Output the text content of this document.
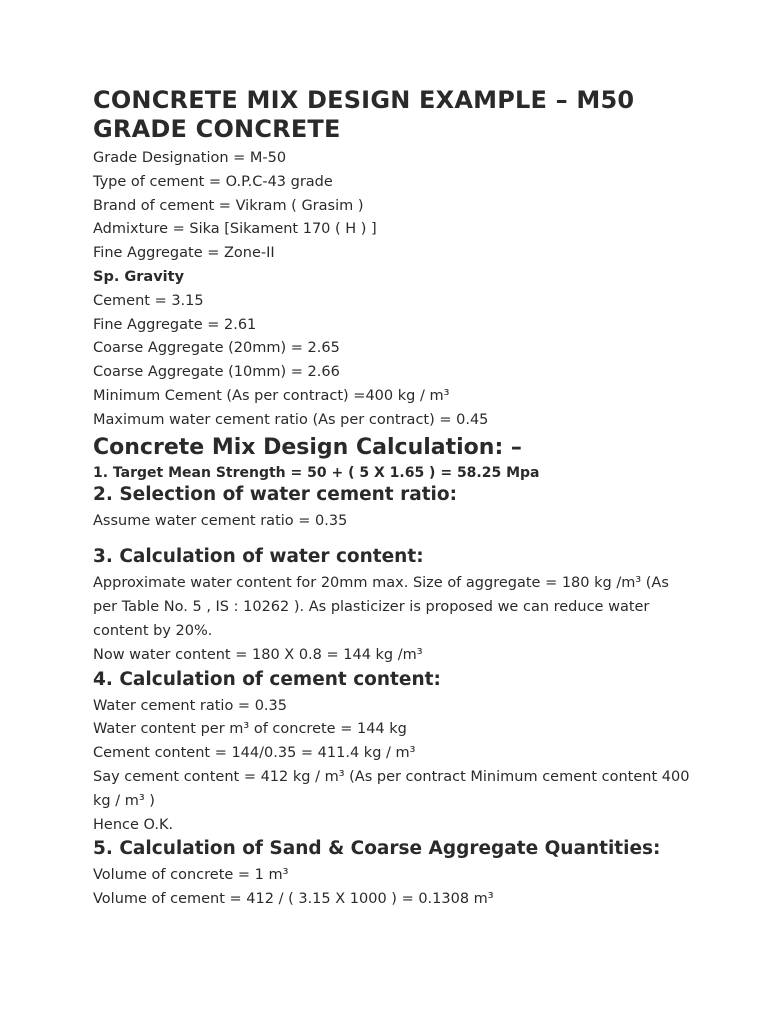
CONCRETE MIX DESIGN EXAMPLE – M50 GRADE CONCRETE

Grade Designation = M-50

Type of cement = O.P.C-43 grade

Brand of cement = Vikram ( Grasim )

Admixture = Sika [Sikament 170 ( H ) ]

Fine Aggregate = Zone-II

Sp. Gravity

Cement = 3.15

Fine Aggregate = 2.61

Coarse Aggregate (20mm) = 2.65

Coarse Aggregate (10mm) = 2.66

Minimum Cement (As per contract) =400 kg / m³

Maximum water cement ratio (As per contract) = 0.45

Concrete Mix Design Calculation: –

1. Target Mean Strength = 50 + ( 5 X 1.65 ) = 58.25 Mpa

2. Selection of water cement ratio:

Assume water cement ratio = 0.35

3. Calculation of water content:

Approximate water content for 20mm max. Size of aggregate = 180 kg /m³ (As per Table No. 5 , IS : 10262 ). As plasticizer is proposed we can reduce water content by 20%.

Now water content = 180 X 0.8 = 144 kg /m³

4. Calculation of cement content:

Water cement ratio = 0.35

Water content per m³ of concrete = 144 kg

Cement content = 144/0.35 = 411.4 kg / m³

Say cement content = 412 kg / m³ (As per contract Minimum cement content 400 kg / m³ )

Hence O.K.

5. Calculation of Sand & Coarse Aggregate Quantities:

Volume of concrete = 1 m³

Volume of cement = 412 / ( 3.15 X 1000 ) = 0.1308 m³
